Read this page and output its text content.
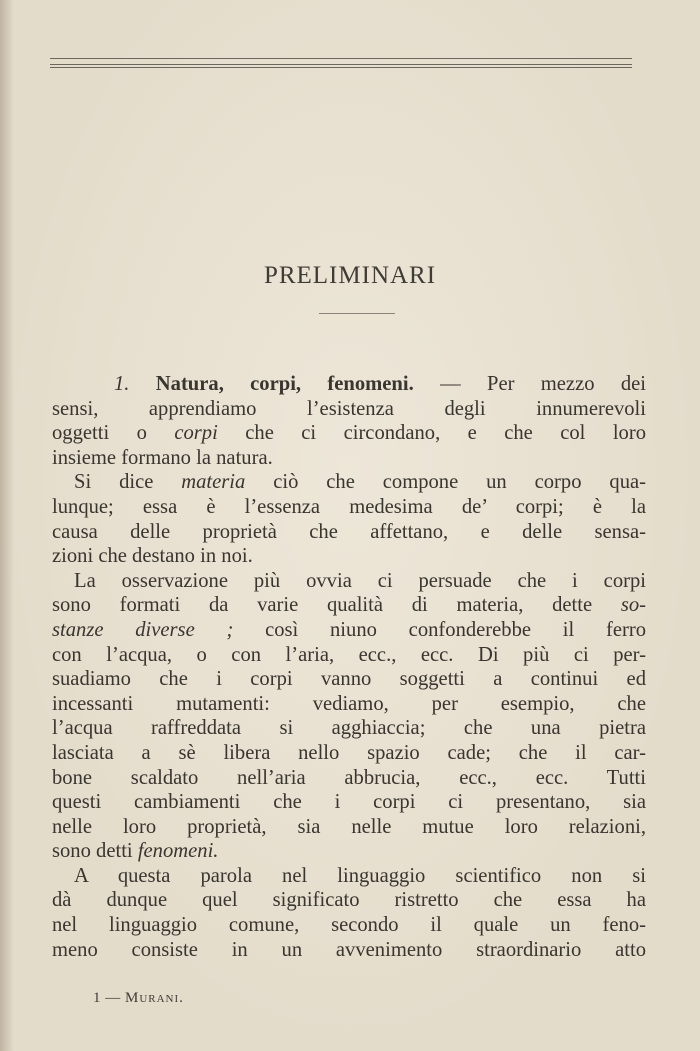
PRELIMINARI
1. Natura, corpi, fenomeni. — Per mezzo dei
sensi, apprendiamo l’esistenza degli innumerevoli
oggetti o corpi che ci circondano, e che col loro
insieme formano la natura.
Si dice materia ciò che compone un corpo qua-
lunque; essa è l’essenza medesima de’ corpi; è la
causa delle proprietà che affettano, e delle sensa-
zioni che destano in noi.
La osservazione più ovvia ci persuade che i corpi
sono formati da varie qualità di materia, dette so-
stanze diverse ; così niuno confonderebbe il ferro
con l’acqua, o con l’aria, ecc., ecc. Di più ci per-
suadiamo che i corpi vanno soggetti a continui ed
incessanti mutamenti: vediamo, per esempio, che
l’acqua raffreddata si agghiaccia; che una pietra
lasciata a sè libera nello spazio cade; che il car-
bone scaldato nell’aria abbrucia, ecc., ecc. Tutti
questi cambiamenti che i corpi ci presentano, sia
nelle loro proprietà, sia nelle mutue loro relazioni,
sono detti fenomeni.
A questa parola nel linguaggio scientifico non si
dà dunque quel significato ristretto che essa ha
nel linguaggio comune, secondo il quale un feno-
meno consiste in un avvenimento straordinario atto
1 — Murani.
